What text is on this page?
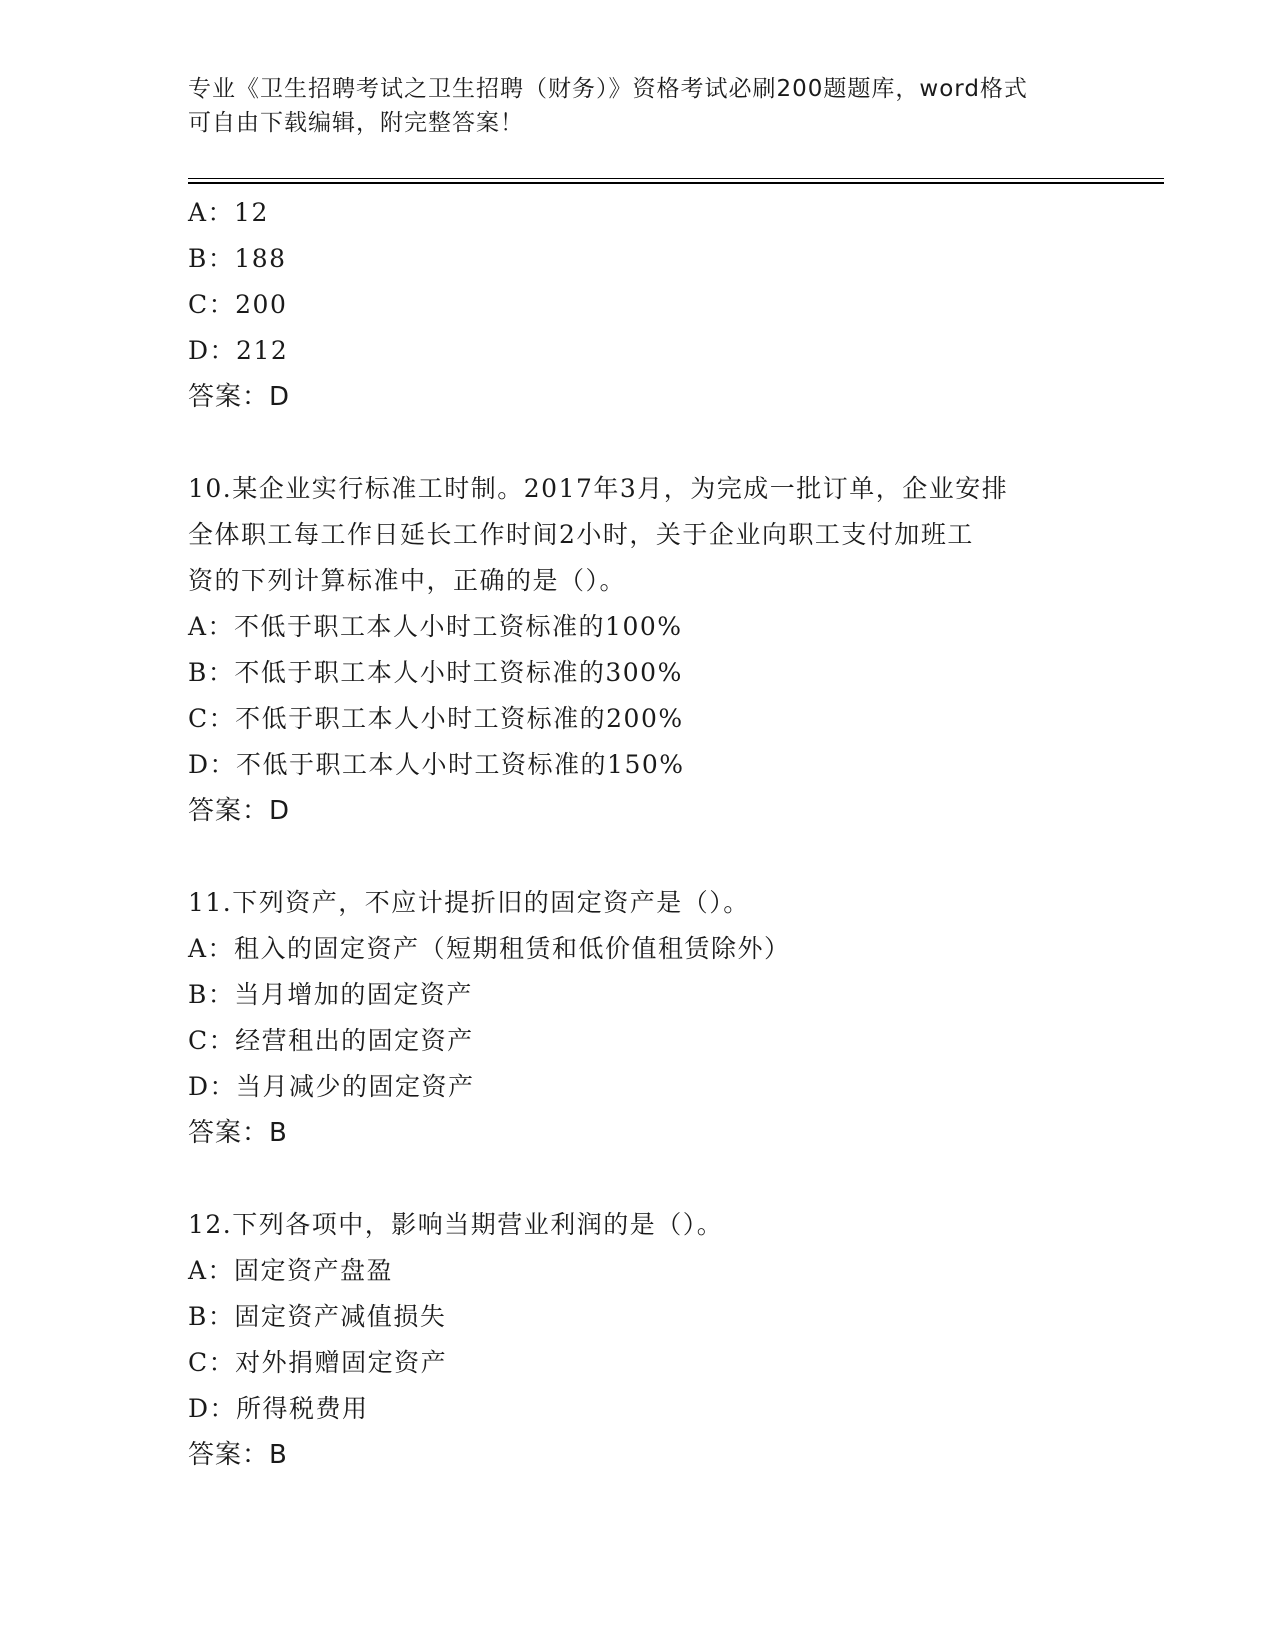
专业《卫生招聘考试之卫生招聘（财务）》资格考试必刷200题题库，word格式
可自由下载编辑，附完整答案！
A：12
B：188
C：200
D：212
答案：D
10.某企业实行标准工时制。2017年3月，为完成一批订单，企业安排
全体职工每工作日延长工作时间2小时，关于企业向职工支付加班工
资的下列计算标准中，正确的是（）。
A：不低于职工本人小时工资标准的100%
B：不低于职工本人小时工资标准的300%
C：不低于职工本人小时工资标准的200%
D：不低于职工本人小时工资标准的150%
答案：D
11.下列资产，不应计提折旧的固定资产是（）。
A：租入的固定资产（短期租赁和低价值租赁除外）
B：当月增加的固定资产
C：经营租出的固定资产
D：当月减少的固定资产
答案：B
12.下列各项中，影响当期营业利润的是（）。
A：固定资产盘盈
B：固定资产减值损失
C：对外捐赠固定资产
D：所得税费用
答案：B
